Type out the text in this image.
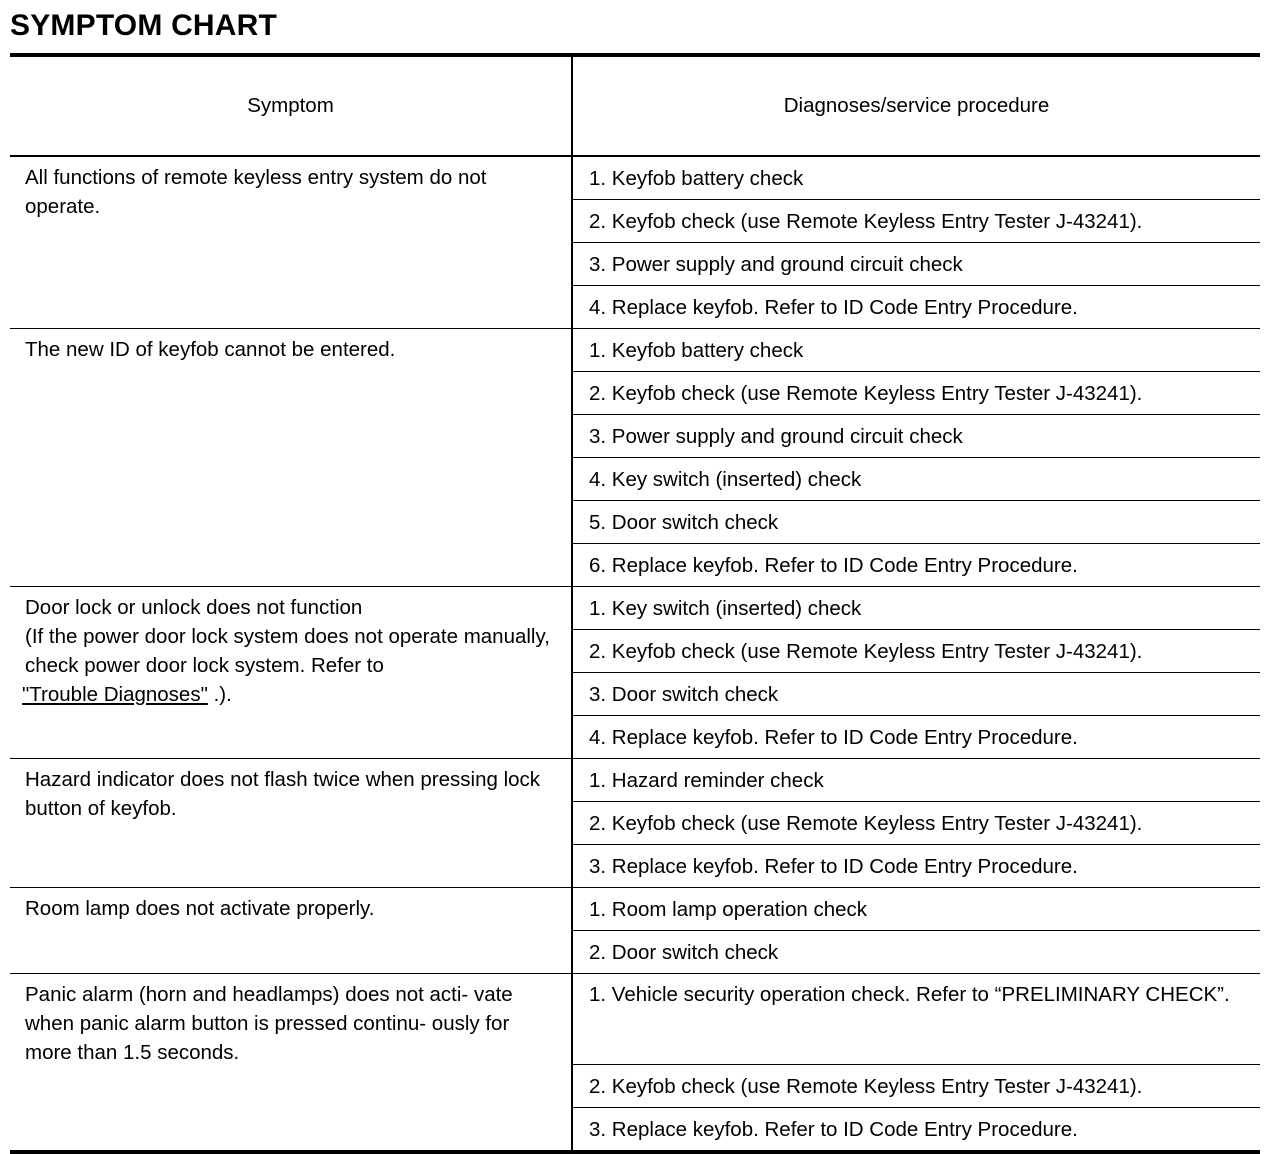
SYMPTOM CHART
Symptom	Diagnoses/service procedure
All functions of remote keyless entry system do not operate.	1. Keyfob battery check
	2. Keyfob check (use Remote Keyless Entry Tester J-43241).
	3. Power supply and ground circuit check
	4. Replace keyfob. Refer to ID Code Entry Procedure.
The new ID of keyfob cannot be entered.	1. Keyfob battery check
	2. Keyfob check (use Remote Keyless Entry Tester J-43241).
	3. Power supply and ground circuit check
	4. Key switch (inserted) check
	5. Door switch check
	6. Replace keyfob. Refer to ID Code Entry Procedure.

Door lock or unlock does not function
(If the power door lock system does not operate manually, check power door lock system. Refer to
"Trouble Diagnoses" .).	1. Key switch (inserted) check
	2. Keyfob check (use Remote Keyless Entry Tester J-43241).
	3. Door switch check
	4. Replace keyfob. Refer to ID Code Entry Procedure.
Hazard indicator does not flash twice when pressing lock button of keyfob.	1. Hazard reminder check
	2. Keyfob check (use Remote Keyless Entry Tester J-43241).
	3. Replace keyfob. Refer to ID Code Entry Procedure.
Room lamp does not activate properly.	1. Room lamp operation check
	2. Door switch check
Panic alarm (horn and headlamps) does not acti- vate when panic alarm button is pressed continu- ously for more than 1.5 seconds.	1. Vehicle security operation check. Refer to “PRELIMINARY CHECK”.
	2. Keyfob check (use Remote Keyless Entry Tester J-43241).
	3. Replace keyfob. Refer to ID Code Entry Procedure.
